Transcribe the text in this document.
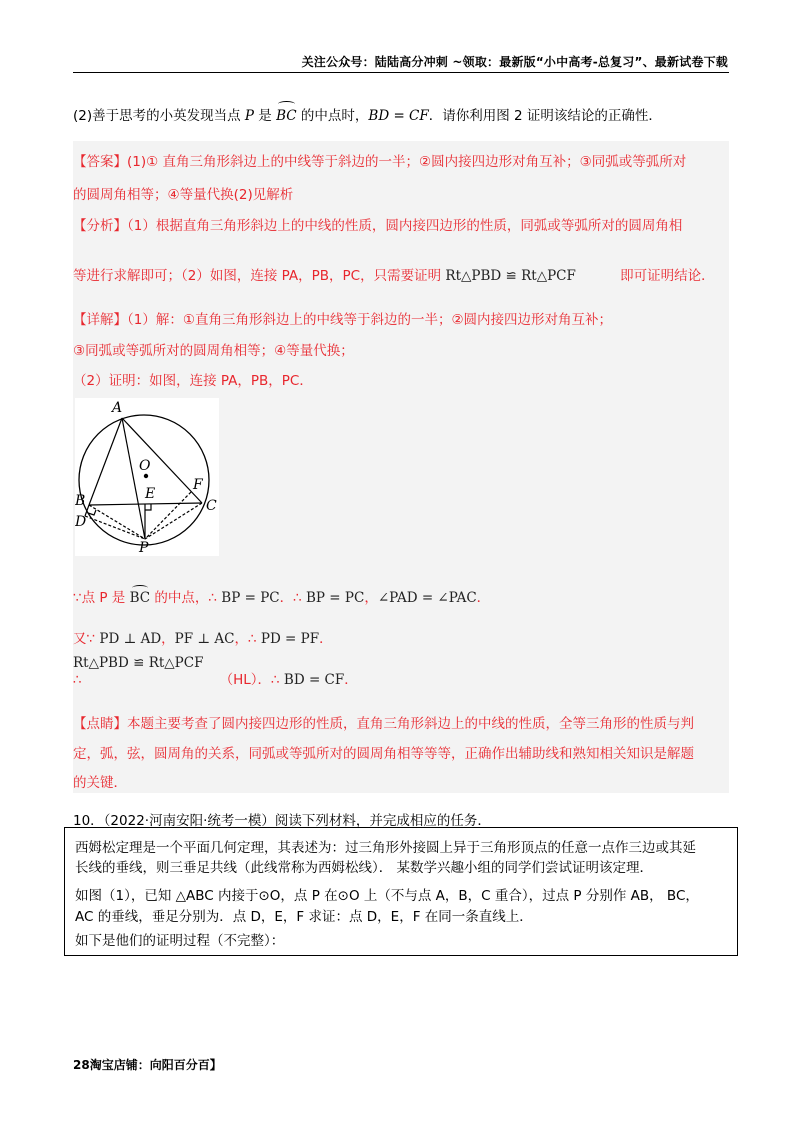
关注公众号：陆陆高分冲刺 ~领取：最新版“小中高考-总复习”、最新试卷下载
(2)善于思考的小英发现当点 P 是 BC 的中点时，BD = CF．请你利用图 2 证明该结论的正确性．
【答案】(1)① 直角三角形斜边上的中线等于斜边的一半；②圆内接四边形对角互补；③同弧或等弧所对
的圆周角相等；④等量代换(2)见解析
【分析】（1）根据直角三角形斜边上的中线的性质，圆内接四边形的性质，同弧或等弧所对的圆周角相
等进行求解即可；（2）如图，连接 PA，PB，PC，只需要证明 Rt△PBD ≌ Rt△PCF	即可证明结论．
【详解】（1）解：①直角三角形斜边上的中线等于斜边的一半；②圆内接四边形对角互补；
③同弧或等弧所对的圆周角相等；④等量代换；
（2）证明：如图，连接 PA，PB，PC．
A
O
B	E
F
C
D
P
∵点 P 是 BC 的中点，∴ BP = PC．∴ BP = PC，∠PAD = ∠PAC．
又∵ PD ⊥ AD，PF ⊥ AC，∴ PD = PF．
Rt△PBD ≌ Rt△PCF
∴	（HL）．∴ BD = CF．
【点睛】本题主要考查了圆内接四边形的性质，直角三角形斜边上的中线的性质，全等三角形的性质与判
定，弧，弦，圆周角的关系，同弧或等弧所对的圆周角相等等等，正确作出辅助线和熟知相关知识是解题
的关键．
10．（2022·河南安阳·统考一模）阅读下列材料，并完成相应的任务．

西姆松定理是一个平面几何定理，其表述为：过三角形外接圆上异于三角形顶点的任意一点作三边或其延

长线的垂线，则三垂足共线（此线常称为西姆松线）． 某数学兴趣小组的同学们尝试证明该定理．

如图（1），已知 △ABC 内接于⊙O，点 P 在⊙O 上（不与点 A，B，C 重合），过点 P 分别作 AB， BC，

AC 的垂线，垂足分别为．点 D，E，F 求证：点 D，E，F 在同一条直线上．

如下是他们的证明过程（不完整）：

28淘宝店铺：向阳百分百】
